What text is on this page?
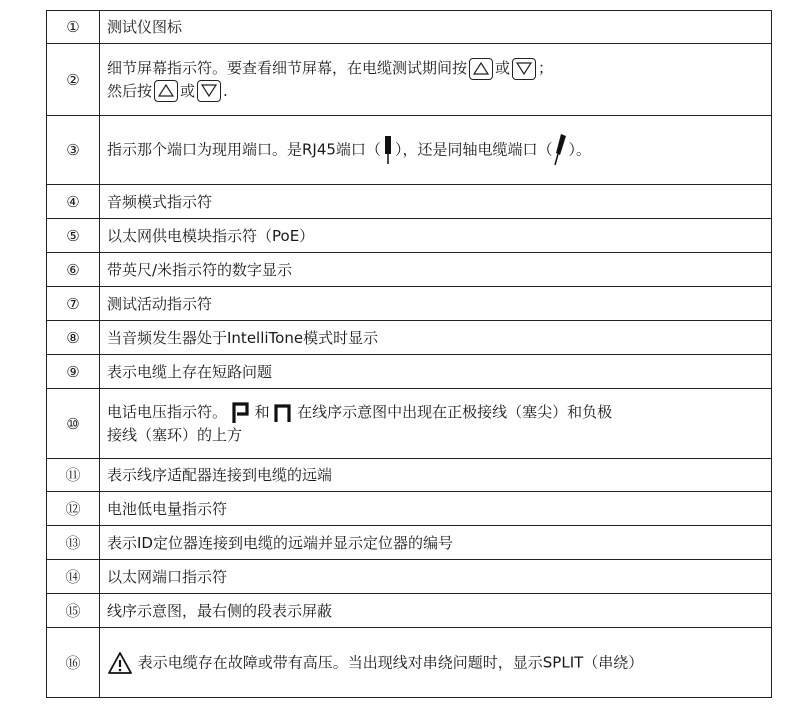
①	测试仪图标
②	细节屏幕指示符。要查看细节屏幕，在电缆测试期间按 或 ；
然后按 或 .

③	指示那个端口为现用端口。是RJ45端口（ ），还是同轴电缆端口（ ）。
④	音频模式指示符
⑤	以太网供电模块指示符（PoE）
⑥	带英尺/米指示符的数字显示
⑦	测试活动指示符
⑧	当音频发生器处于IntelliTone模式时显示
⑨	表示电缆上存在短路问题
⑩	电话电压指示符。 和 在线序示意图中出现在正极接线（塞尖）和负极
接线（塞环）的上方

⑪	表示线序适配器连接到电缆的远端
⑫	电池低电量指示符
⑬	表示ID定位器连接到电缆的远端并显示定位器的编号
⑭	以太网端口指示符
⑮	线序示意图，最右侧的段表示屏蔽
⑯	表示电缆存在故障或带有高压。当出现线对串绕问题时，显示SPLIT（串绕）
